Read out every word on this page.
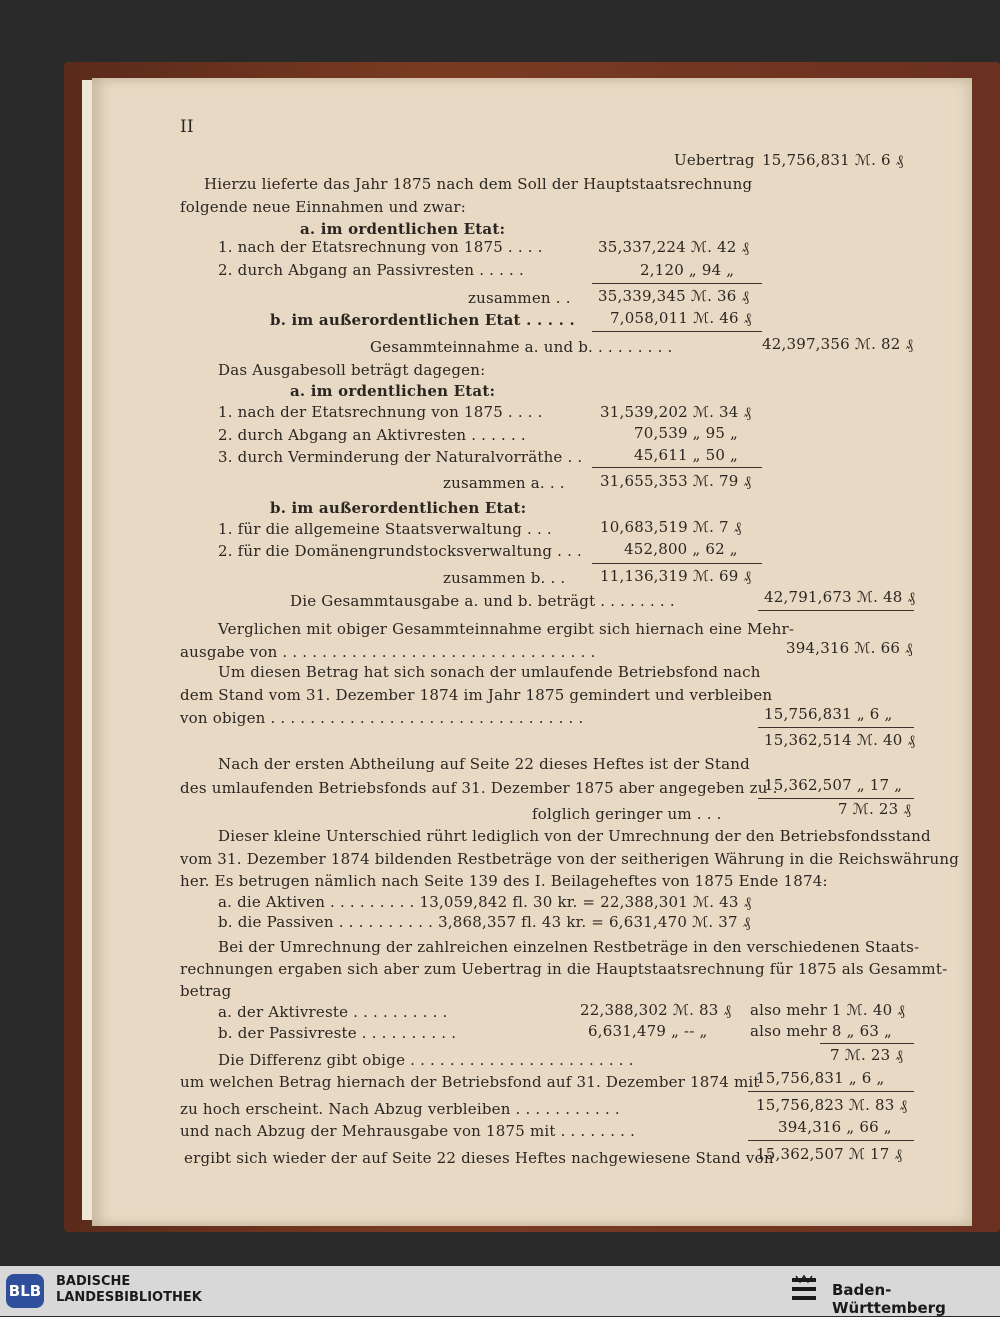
II
Uebertrag 15,756,831 ℳ. 6 ₰
Hierzu lieferte das Jahr 1875 nach dem Soll der Hauptstaatsrechnung
folgende neue Einnahmen und zwar:
a. im ordentlichen Etat:
1. nach der Etatsrechnung von 1875 . . . .	35,337,224 ℳ. 42 ₰
2. durch Abgang an Passivresten . . . . .	2,120 „ 94 „
zusammen . . 35,339,345 ℳ. 36 ₰
b. im außerordentlichen Etat . . . . . 7,058,011 ℳ. 46 ₰
Gesammteinnahme a. und b. . . . . . . . .	42,397,356 ℳ. 82 ₰
Das Ausgabesoll beträgt dagegen:
a. im ordentlichen Etat:
1. nach der Etatsrechnung von 1875 . . . .	31,539,202 ℳ. 34 ₰
2. durch Abgang an Aktivresten . . . . . .	70,539 „ 95 „
3. durch Verminderung der Naturalvorräthe . .	45,611 „ 50 „
zusammen a. . . 31,655,353 ℳ. 79 ₰
b. im außerordentlichen Etat:
1. für die allgemeine Staatsverwaltung . . .	10,683,519 ℳ. 7 ₰
2. für die Domänengrundstocksverwaltung . . .	452,800 „ 62 „
zusammen b. . . 11,136,319 ℳ. 69 ₰
Die Gesammtausgabe a. und b. beträgt . . . . . . . .	42,791,673 ℳ. 48 ₰
Verglichen mit obiger Gesammteinnahme ergibt sich hiernach eine Mehr-
ausgabe von . . . . . . . . . . . . . . . . . . . . . . . . . . . . . . . .	394,316 ℳ. 66 ₰
Um diesen Betrag hat sich sonach der umlaufende Betriebsfond nach
dem Stand vom 31. Dezember 1874 im Jahr 1875 gemindert und verbleiben
von obigen . . . . . . . . . . . . . . . . . . . . . . . . . . . . . . . .	15,756,831 „ 6 „
15,362,514 ℳ. 40 ₰
Nach der ersten Abtheilung auf Seite 22 dieses Heftes ist der Stand
des umlaufenden Betriebsfonds auf 31. Dezember 1875 aber angegeben zu .
15,362,507 „ 17 „
folglich geringer um . . .	7 ℳ. 23 ₰
Dieser kleine Unterschied rührt lediglich von der Umrechnung der den Betriebsfondsstand
vom 31. Dezember 1874 bildenden Restbeträge von der seitherigen Währung in die Reichswährung
her. Es betrugen nämlich nach Seite 139 des I. Beilageheftes von 1875 Ende 1874:
a. die Aktiven . . . . . . . . . 13,059,842 fl. 30 kr. = 22,388,301 ℳ. 43 ₰
b. die Passiven . . . . . . . . . . 3,868,357 fl. 43 kr. = 6,631,470 ℳ. 37 ₰
Bei der Umrechnung der zahlreichen einzelnen Restbeträge in den verschiedenen Staats-
rechnungen ergaben sich aber zum Uebertrag in die Hauptstaatsrechnung für 1875 als Gesammt-
betrag
a. der Aktivreste . . . . . . . . . .	22,388,302 ℳ. 83 ₰ also mehr 1 ℳ. 40 ₰
b. der Passivreste . . . . . . . . . .	6,631,479 „ -- „	also mehr 8 „ 63 „
Die Differenz gibt obige . . . . . . . . . . . . . . . . . . . . . . .	7 ℳ. 23 ₰
um welchen Betrag hiernach der Betriebsfond auf 31. Dezember 1874 mit
15,756,831 „ 6 „
zu hoch erscheint. Nach Abzug verbleiben . . . . . . . . . . .	15,756,823 ℳ. 83 ₰
und nach Abzug der Mehrausgabe von 1875 mit . . . . . . . .	394,316 „ 66 „
ergibt sich wieder der auf Seite 22 dieses Heftes nachgewiesene Stand von
15,362,507 ℳ 17 ₰
BLB
BADISCHE
LANDESBIBLIOTHEK	Baden-Württemberg
